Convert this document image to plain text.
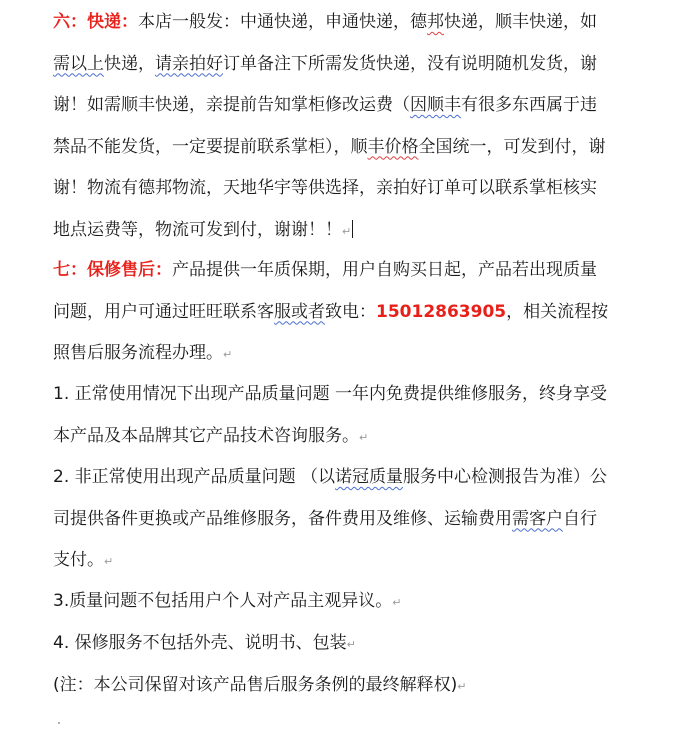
六：快递：本店一般发：中通快递，申通快递，德邦快递，顺丰快递，如需以上快递，请亲拍好订单备注下所需发货快递，没有说明随机发货，谢谢！如需顺丰快递，亲提前告知掌柜修改运费（因顺丰有很多东西属于违禁品不能发货，一定要提前联系掌柜），顺丰价格全国统一，可发到付，谢谢！物流有德邦物流，天地华宇等供选择，亲拍好订单可以联系掌柜核实地点运费等，物流可发到付，谢谢！！↵

七：保修售后：产品提供一年质保期，用户自购买日起，产品若出现质量问题，用户可通过旺旺联系客服或者致电：15012863905，相关流程按照售后服务流程办理。↵

1. 正常使用情况下出现产品质量问题 一年内免费提供维修服务，终身享受本产品及本品牌其它产品技术咨询服务。↵

2. 非正常使用出现产品质量问题 （以诺冠质量服务中心检测报告为准）公司提供备件更换或产品维修服务，备件费用及维修、运输费用需客户自行支付。↵

3.质量问题不包括用户个人对产品主观异议。↵

4. 保修服务不包括外壳、说明书、包装↵

(注：本公司保留对该产品售后服务条例的最终解释权)↵
